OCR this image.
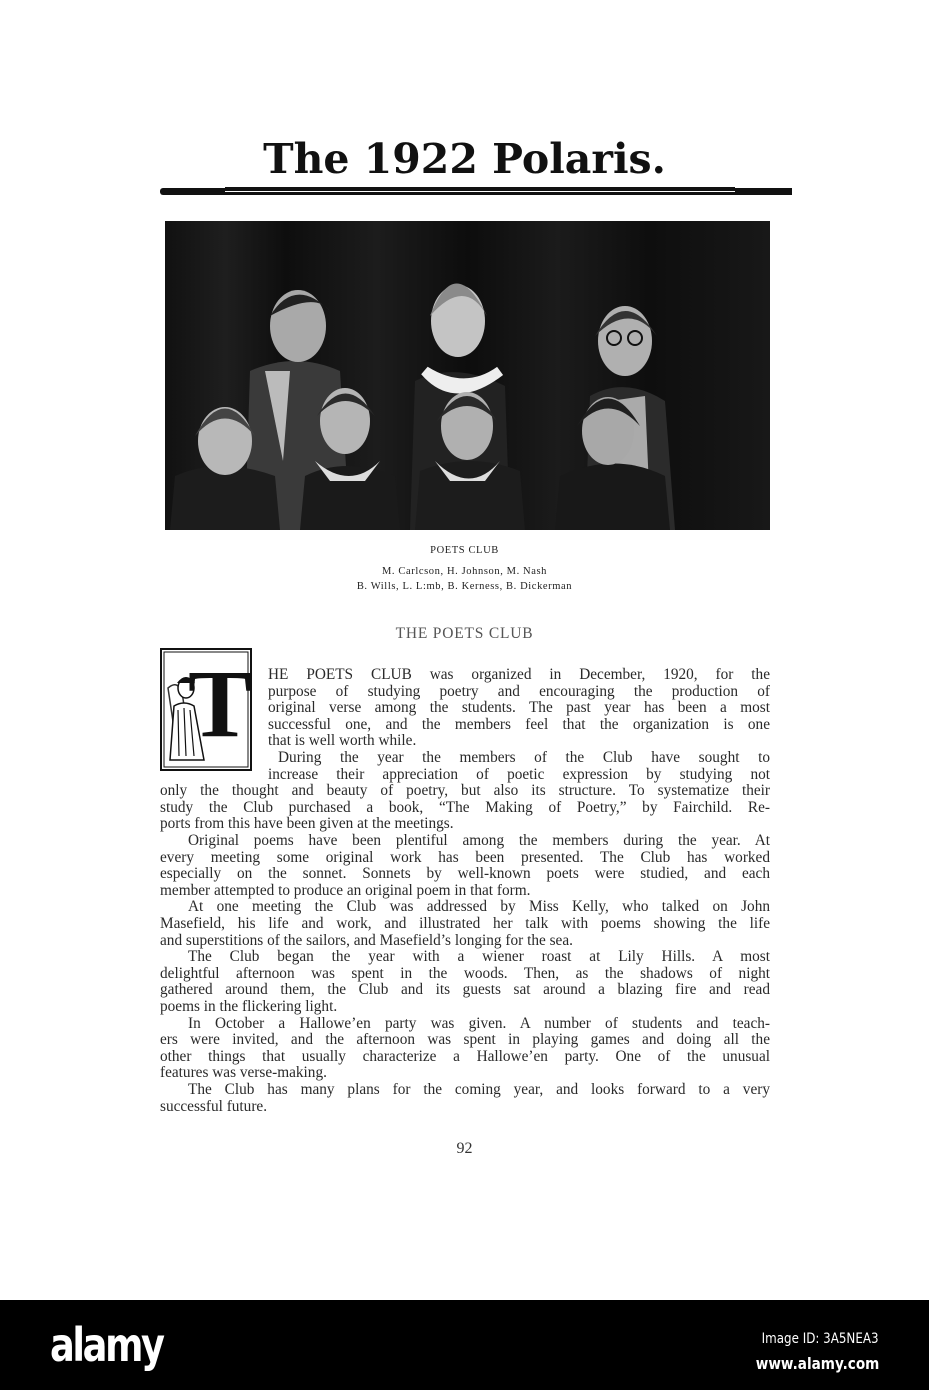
The 1922 Polaris.
POETS CLUB
M. Carlcson, H. Johnson, M. Nash
B. Wills, L. L:mb, B. Kerness, B. Dickerman
THE POETS CLUB
T HE POETS CLUB was organized in December, 1920, for the
purpose of studying poetry and encouraging the production of
original verse among the students. The past year has been a most
successful one, and the members feel that the organization is one
that is well worth while.
During the year the members of the Club have sought to
increase their appreciation of poetic expression by studying not
only the thought and beauty of poetry, but also its structure. To systematize their
study the Club purchased a book, “The Making of Poetry,” by Fairchild. Re-
ports from this have been given at the meetings.
Original poems have been plentiful among the members during the year. At
every meeting some original work has been presented. The Club has worked
especially on the sonnet. Sonnets by well-known poets were studied, and each
member attempted to produce an original poem in that form.
At one meeting the Club was addressed by Miss Kelly, who talked on John
Masefield, his life and work, and illustrated her talk with poems showing the life
and superstitions of the sailors, and Masefield’s longing for the sea.
The Club began the year with a wiener roast at Lily Hills. A most
delightful afternoon was spent in the woods. Then, as the shadows of night
gathered around them, the Club and its guests sat around a blazing fire and read
poems in the flickering light.
In October a Hallowe’en party was given. A number of students and teach-
ers were invited, and the afternoon was spent in playing games and doing all the
other things that usually characterize a Hallowe’en party. One of the unusual
features was verse-making.
The Club has many plans for the coming year, and looks forward to a very
successful future.
92
alamy	Image ID: 3A5NEA3
www.alamy.com
